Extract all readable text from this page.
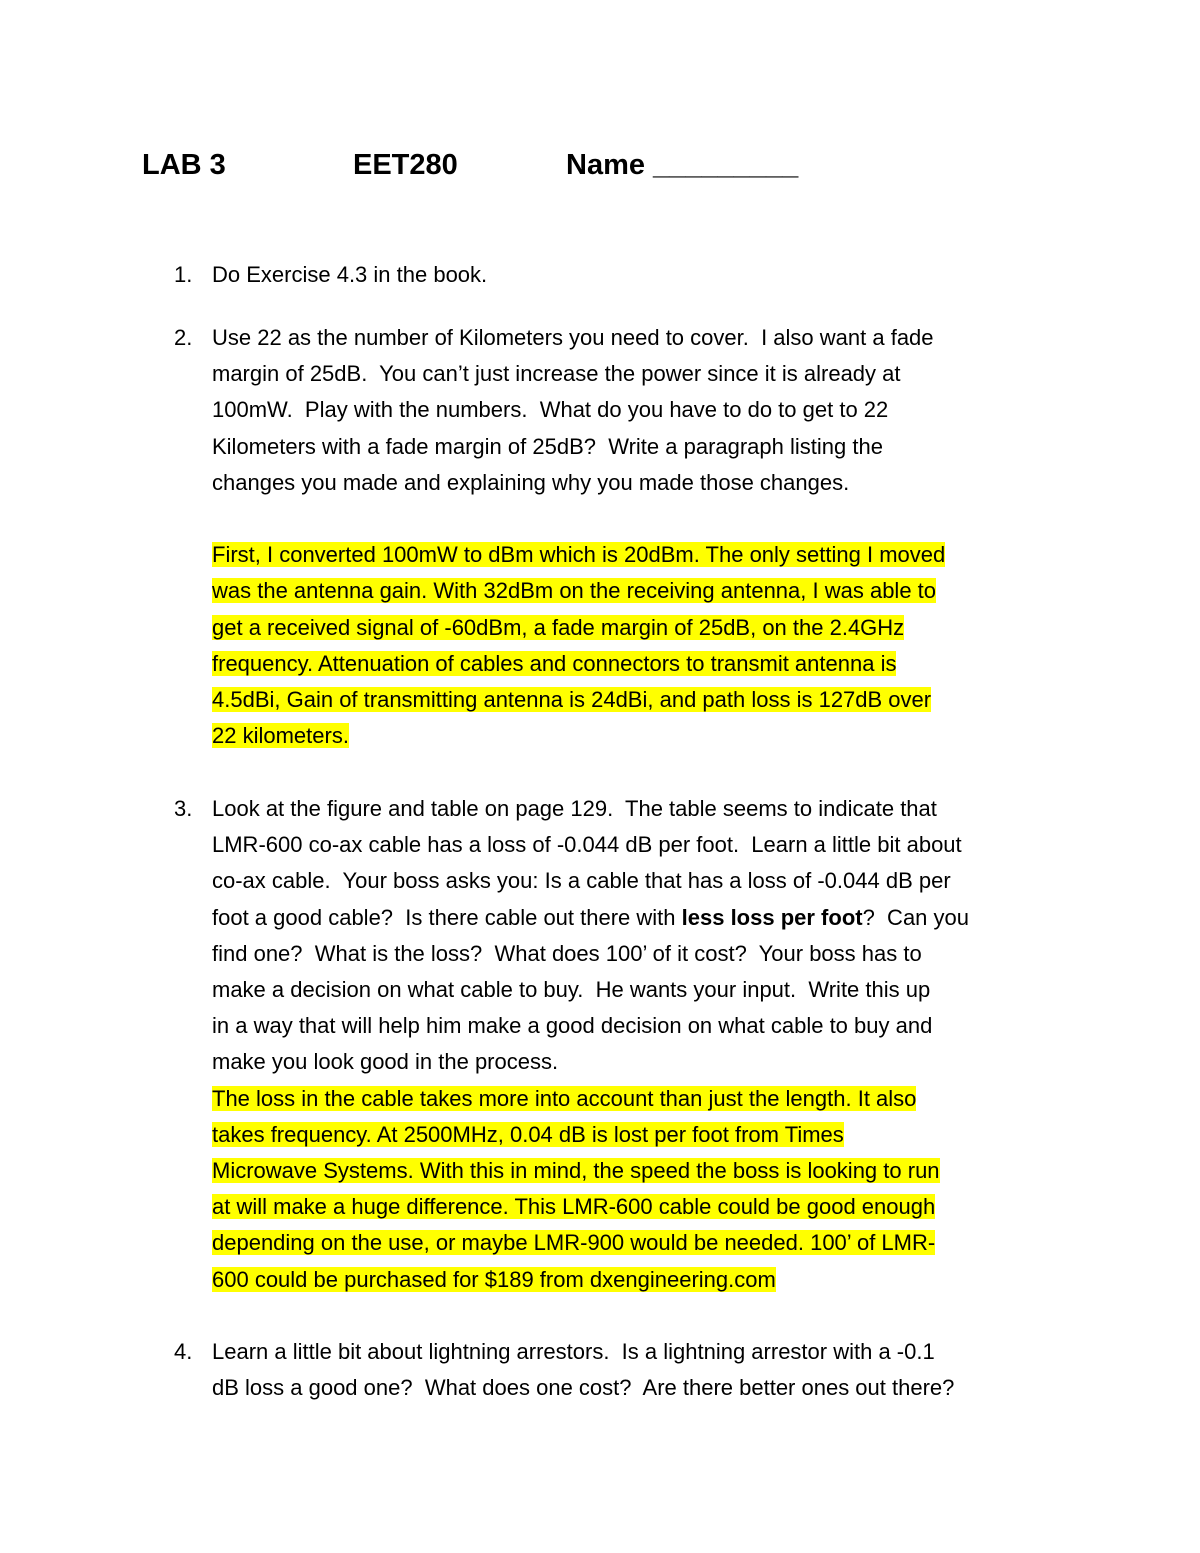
LAB 3	EET280	Name _________
1. Do Exercise 4.3 in the book.
2. Use 22 as the number of Kilometers you need to cover.  I also want a fade
margin of 25dB.  You can’t just increase the power since it is already at
100mW.  Play with the numbers.  What do you have to do to get to 22
Kilometers with a fade margin of 25dB?  Write a paragraph listing the
changes you made and explaining why you made those changes.
First, I converted 100mW to dBm which is 20dBm. The only setting I moved
was the antenna gain. With 32dBm on the receiving antenna, I was able to
get a received signal of -60dBm, a fade margin of 25dB, on the 2.4GHz
frequency. Attenuation of cables and connectors to transmit antenna is
4.5dBi, Gain of transmitting antenna is 24dBi, and path loss is 127dB over
22 kilometers.
3. Look at the figure and table on page 129.  The table seems to indicate that
LMR-600 co-ax cable has a loss of -0.044 dB per foot.  Learn a little bit about
co-ax cable.  Your boss asks you: Is a cable that has a loss of -0.044 dB per
foot a good cable?  Is there cable out there with less loss per foot?  Can you
find one?  What is the loss?  What does 100’ of it cost?  Your boss has to
make a decision on what cable to buy.  He wants your input.  Write this up
in a way that will help him make a good decision on what cable to buy and
make you look good in the process.
The loss in the cable takes more into account than just the length. It also
takes frequency. At 2500MHz, 0.04 dB is lost per foot from Times
Microwave Systems. With this in mind, the speed the boss is looking to run
at will make a huge difference. This LMR-600 cable could be good enough
depending on the use, or maybe LMR-900 would be needed. 100’ of LMR-
600 could be purchased for $189 from dxengineering.com
4. Learn a little bit about lightning arrestors.  Is a lightning arrestor with a -0.1
dB loss a good one?  What does one cost?  Are there better ones out there?
